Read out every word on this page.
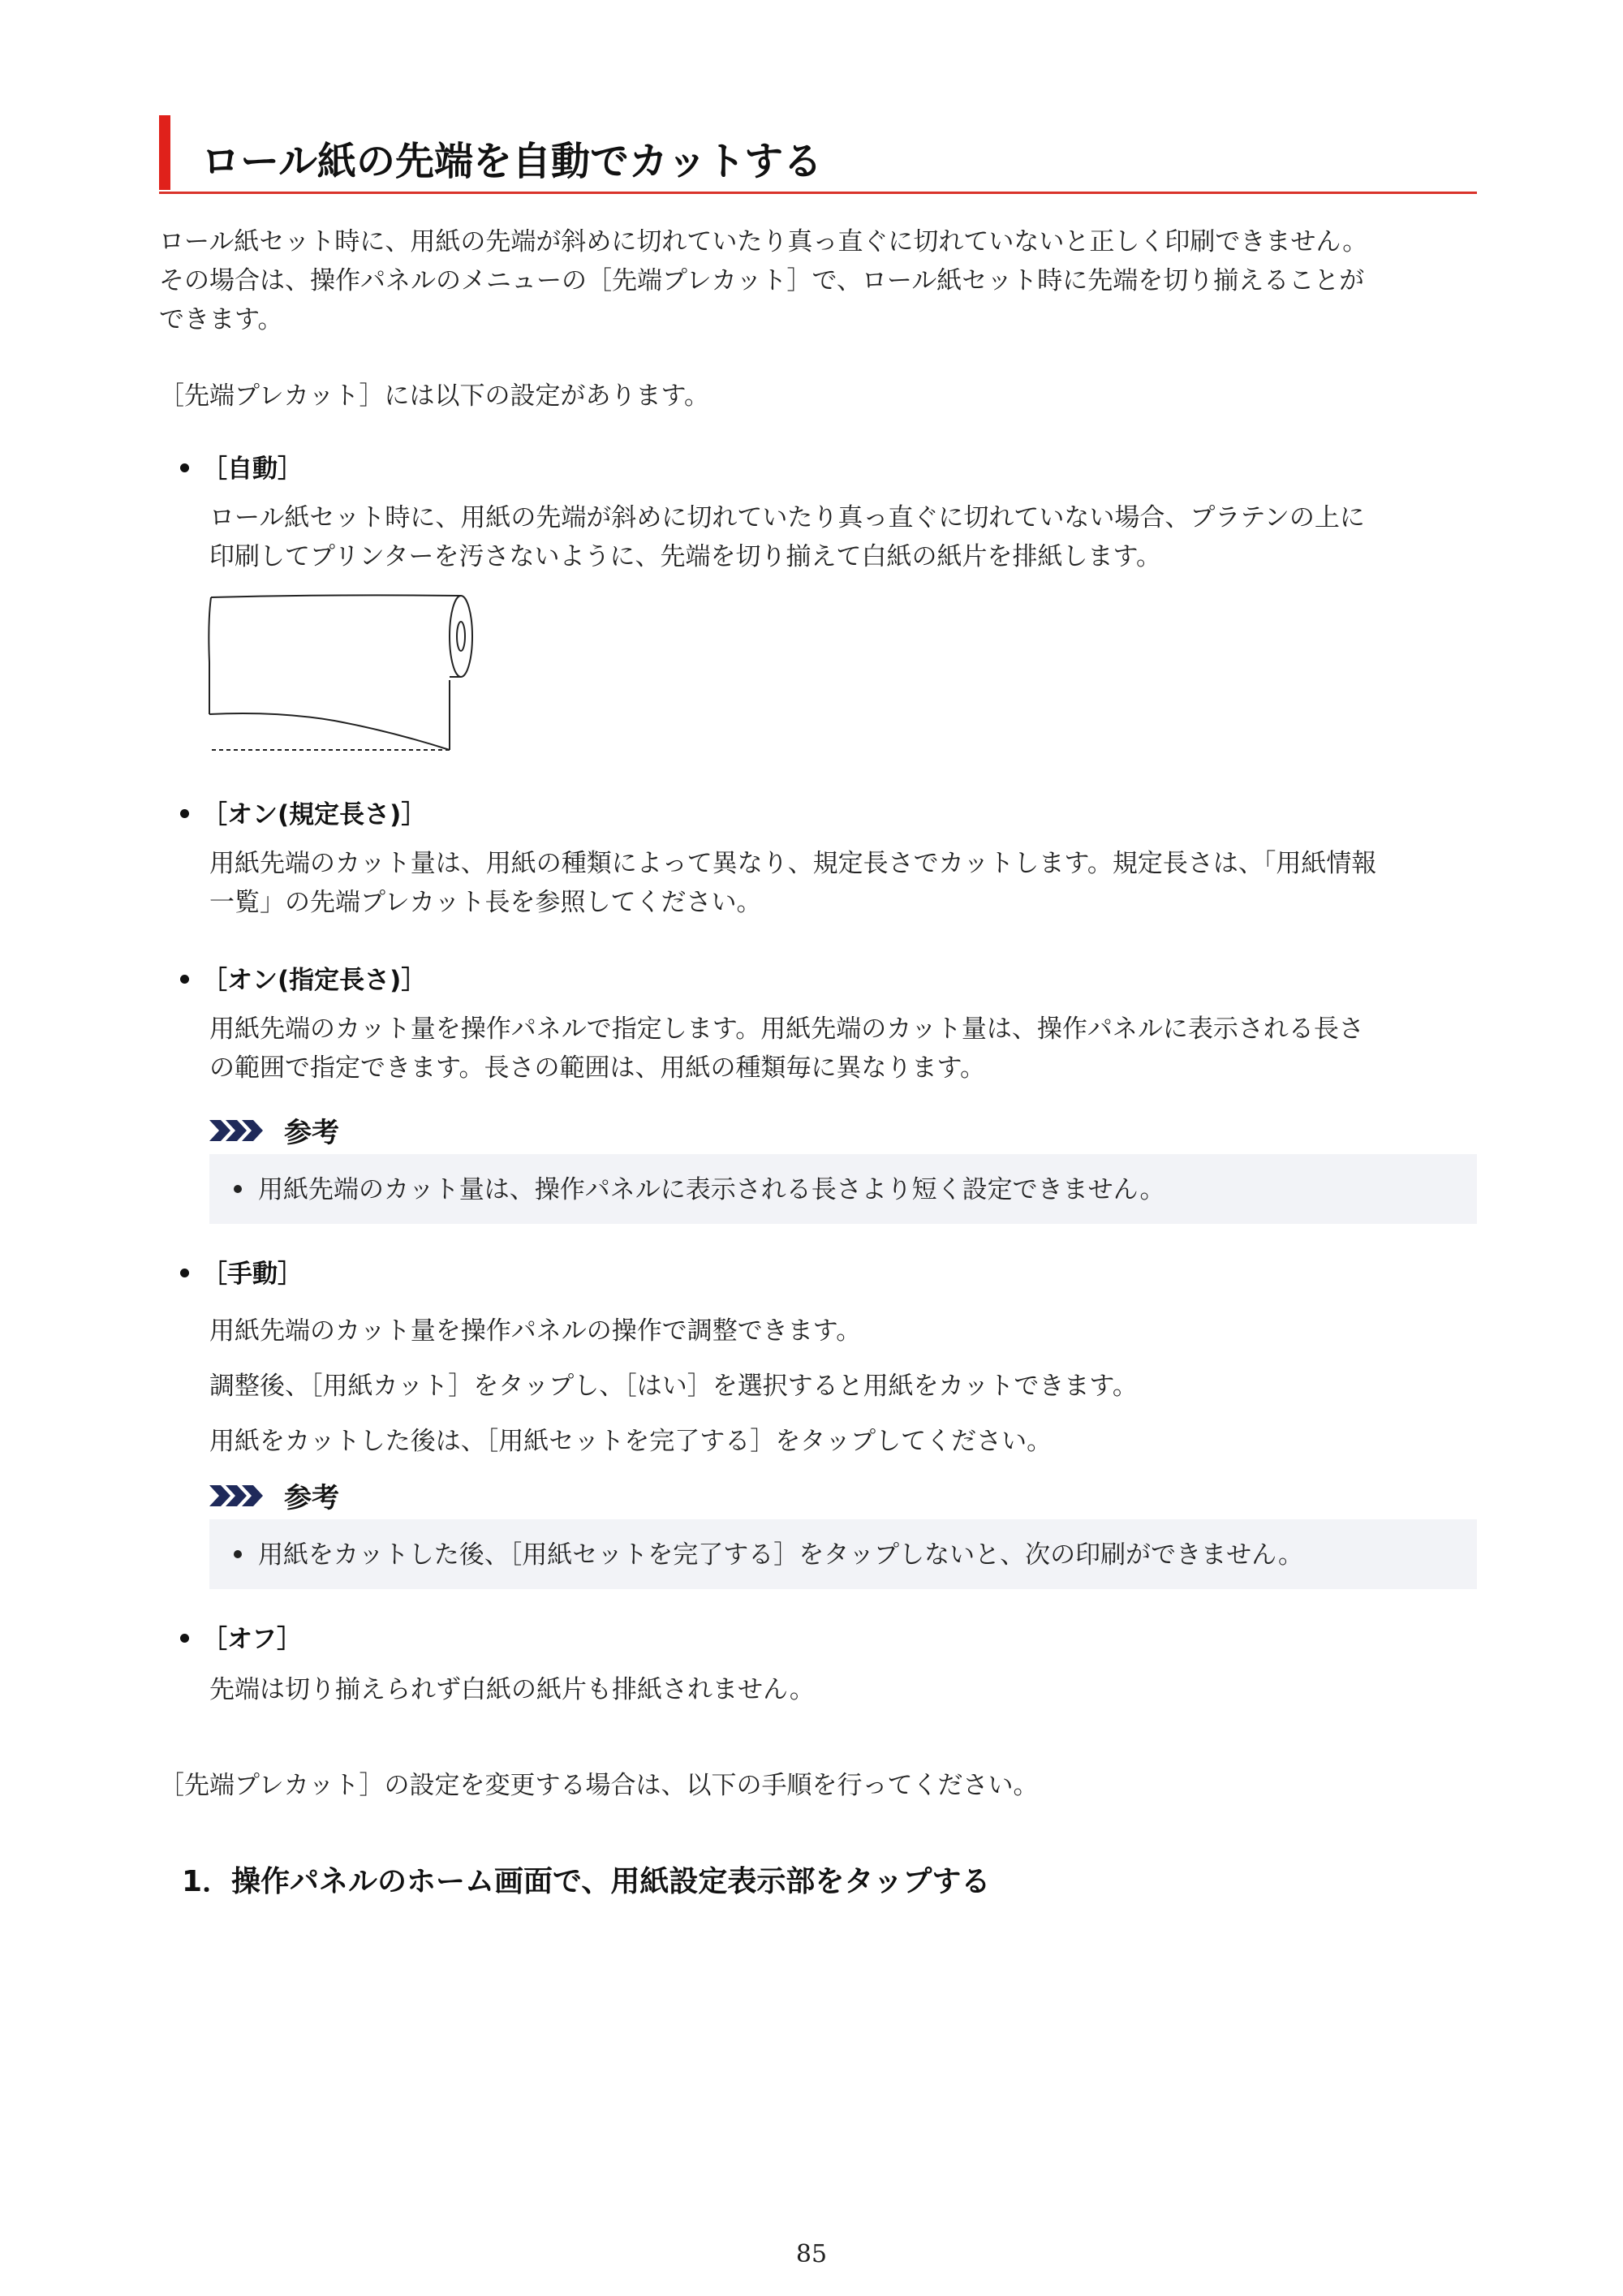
ロール紙の先端を自動でカットする
ロール紙セット時に、用紙の先端が斜めに切れていたり真っ直ぐに切れていないと正しく印刷できません。
その場合は、操作パネルのメニューの［先端プレカット］で、ロール紙セット時に先端を切り揃えることが
できます。
［先端プレカット］には以下の設定があります。
［自動］
ロール紙セット時に、用紙の先端が斜めに切れていたり真っ直ぐに切れていない場合、プラテンの上に
印刷してプリンターを汚さないように、先端を切り揃えて白紙の紙片を排紙します。
［オン(規定長さ)］
用紙先端のカット量は、用紙の種類によって異なり、規定長さでカットします。規定長さは、「用紙情報
一覧」の先端プレカット長を参照してください。
［オン(指定長さ)］
用紙先端のカット量を操作パネルで指定します。用紙先端のカット量は、操作パネルに表示される長さ
の範囲で指定できます。長さの範囲は、用紙の種類毎に異なります。
参考
用紙先端のカット量は、操作パネルに表示される長さより短く設定できません。
［手動］
用紙先端のカット量を操作パネルの操作で調整できます。
調整後、［用紙カット］をタップし、［はい］を選択すると用紙をカットできます。
用紙をカットした後は、［用紙セットを完了する］をタップしてください。
参考
用紙をカットした後、［用紙セットを完了する］をタップしないと、次の印刷ができません。
［オフ］
先端は切り揃えられず白紙の紙片も排紙されません。
［先端プレカット］の設定を変更する場合は、以下の手順を行ってください。
1．操作パネルのホーム画面で、用紙設定表示部をタップする
85
